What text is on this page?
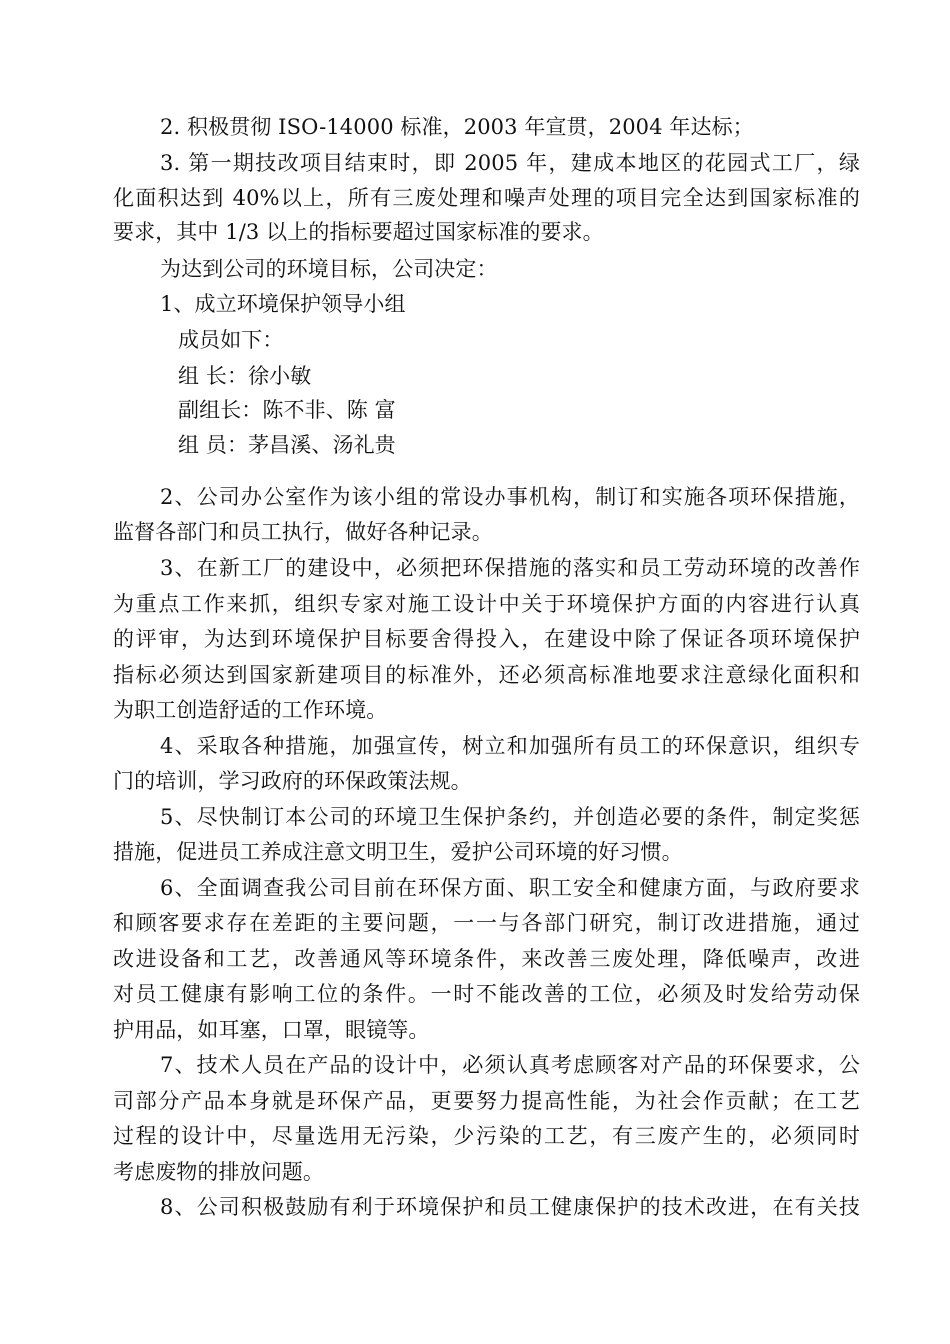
2. 积极贯彻 ISO-14000 标准，2003 年宣贯，2004 年达标；
3. 第一期技改项目结束时，即 2005 年，建成本地区的花园式工厂，绿
化面积达到 40%以上，所有三废处理和噪声处理的项目完全达到国家标准的
要求，其中 1/3 以上的指标要超过国家标准的要求。
为达到公司的环境目标，公司决定：
1、成立环境保护领导小组
成员如下：
组 长：徐小敏
副组长：陈不非、陈 富
组 员：茅昌溪、汤礼贵
2、公司办公室作为该小组的常设办事机构，制订和实施各项环保措施，
监督各部门和员工执行，做好各种记录。
3、在新工厂的建设中，必须把环保措施的落实和员工劳动环境的改善作
为重点工作来抓，组织专家对施工设计中关于环境保护方面的内容进行认真
的评审，为达到环境保护目标要舍得投入，在建设中除了保证各项环境保护
指标必须达到国家新建项目的标准外，还必须高标准地要求注意绿化面积和
为职工创造舒适的工作环境。
4、采取各种措施，加强宣传，树立和加强所有员工的环保意识，组织专
门的培训，学习政府的环保政策法规。
5、尽快制订本公司的环境卫生保护条约，并创造必要的条件，制定奖惩
措施，促进员工养成注意文明卫生，爱护公司环境的好习惯。
6、全面调查我公司目前在环保方面、职工安全和健康方面，与政府要求
和顾客要求存在差距的主要问题，一一与各部门研究，制订改进措施，通过
改进设备和工艺，改善通风等环境条件，来改善三废处理，降低噪声，改进
对员工健康有影响工位的条件。一时不能改善的工位，必须及时发给劳动保
护用品，如耳塞，口罩，眼镜等。
7、技术人员在产品的设计中，必须认真考虑顾客对产品的环保要求，公
司部分产品本身就是环保产品，更要努力提高性能，为社会作贡献；在工艺
过程的设计中，尽量选用无污染，少污染的工艺，有三废产生的，必须同时
考虑废物的排放问题。
8、公司积极鼓励有利于环境保护和员工健康保护的技术改进，在有关技
